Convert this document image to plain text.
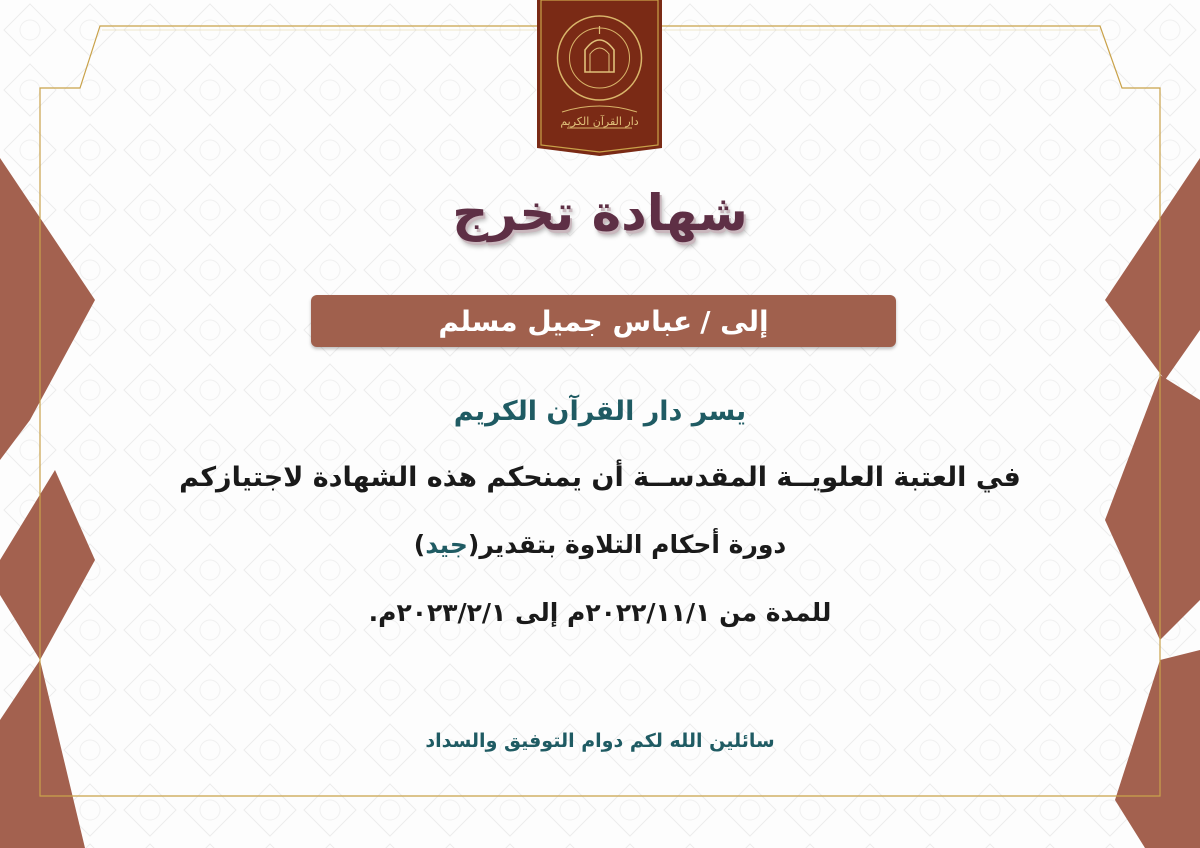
دار القرآن الكريم
شهادة تخرج
إلى /
عباس جميل مسلم
يسر دار القرآن الكريم
في العتبة العلويــة المقدســة أن يمنحكم هذه الشهادة لاجتيازكم
دورة أحكام التلاوة بتقدير(جيد)
للمدة من ٢٠٢٢/١١/١م إلى ٢٠٢٣/٢/١م.
سائلين الله لكم دوام التوفيق والسداد
